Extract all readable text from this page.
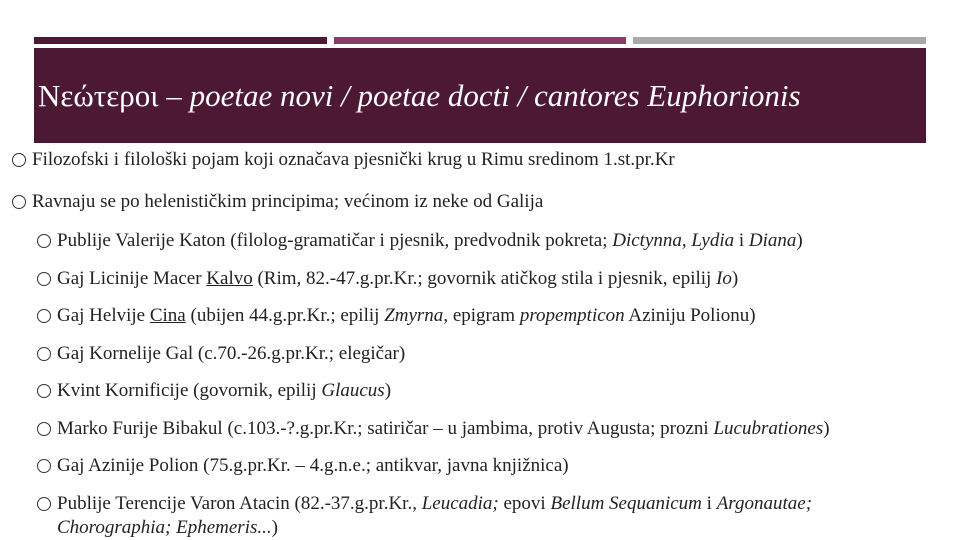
Νεώτεροι – poetae novi / poetae docti / cantores Euphorionis
Filozofski i filološki pojam koji označava pjesnički krug u Rimu sredinom 1.st.pr.Kr
Ravnaju se po helenističkim principima; većinom iz neke od Galija
Publije Valerije Katon (filolog-gramatičar i pjesnik, predvodnik pokreta; Dictynna, Lydia i Diana)
Gaj Licinije Macer Kalvo (Rim, 82.-47.g.pr.Kr.; govornik atičkog stila i pjesnik, epilij Io)
Gaj Helvije Cina (ubijen 44.g.pr.Kr.; epilij Zmyrna, epigram propempticon Aziniju Polionu)
Gaj Kornelije Gal (c.70.-26.g.pr.Kr.; elegičar)
Kvint Kornificije (govornik, epilij Glaucus)
Marko Furije Bibakul (c.103.-?.g.pr.Kr.; satiričar – u jambima, protiv Augusta; prozni Lucubrationes)
Gaj Azinije Polion (75.g.pr.Kr. – 4.g.n.e.; antikvar, javna knjižnica)
Publije Terencije Varon Atacin (82.-37.g.pr.Kr., Leucadia; epovi Bellum Sequanicum i Argonautae;
Chorographia; Ephemeris...)
